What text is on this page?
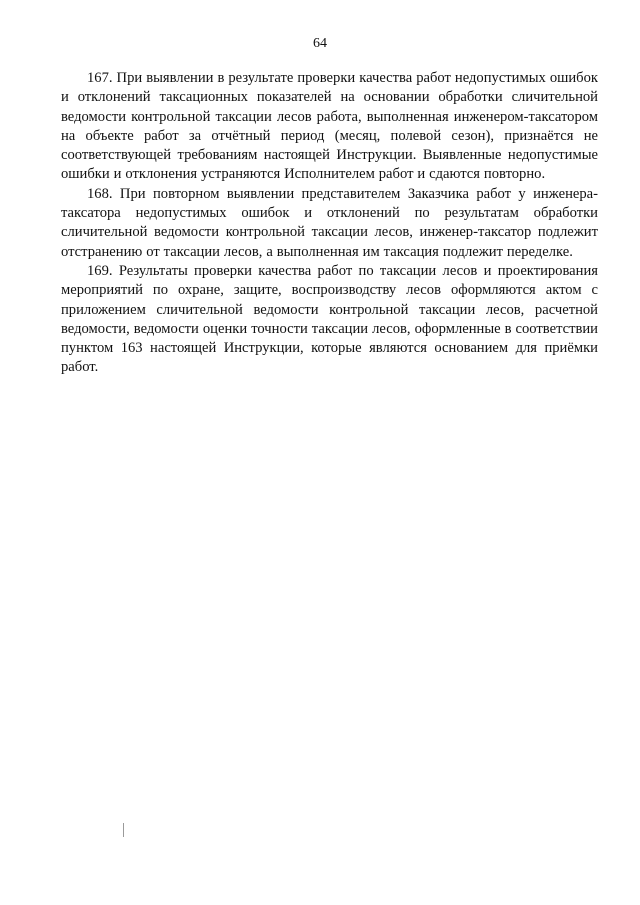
64

167. При выявлении в результате проверки качества работ недопустимых ошибок и отклонений таксационных показателей на основании обработки сличительной ведомости контрольной таксации лесов работа, выполненная инженером-таксатором на объекте работ за отчётный период (месяц, полевой сезон), признаётся не соответствующей требованиям настоящей Инструкции. Выявленные недопустимые ошибки и отклонения устраняются Исполнителем работ и сдаются повторно.

168. При повторном выявлении представителем Заказчика работ у инженера-таксатора недопустимых ошибок и отклонений по результатам обработки сличительной ведомости контрольной таксации лесов, инженер-таксатор подлежит отстранению от таксации лесов, а выполненная им таксация подлежит переделке.

169. Результаты проверки качества работ по таксации лесов и проектирования мероприятий по охране, защите, воспроизводству лесов оформляются актом с приложением сличительной ведомости контрольной таксации лесов, расчетной ведомости, ведомости оценки точности таксации лесов, оформленные в соответствии пунктом 163 настоящей Инструкции, которые являются основанием для приёмки работ.
